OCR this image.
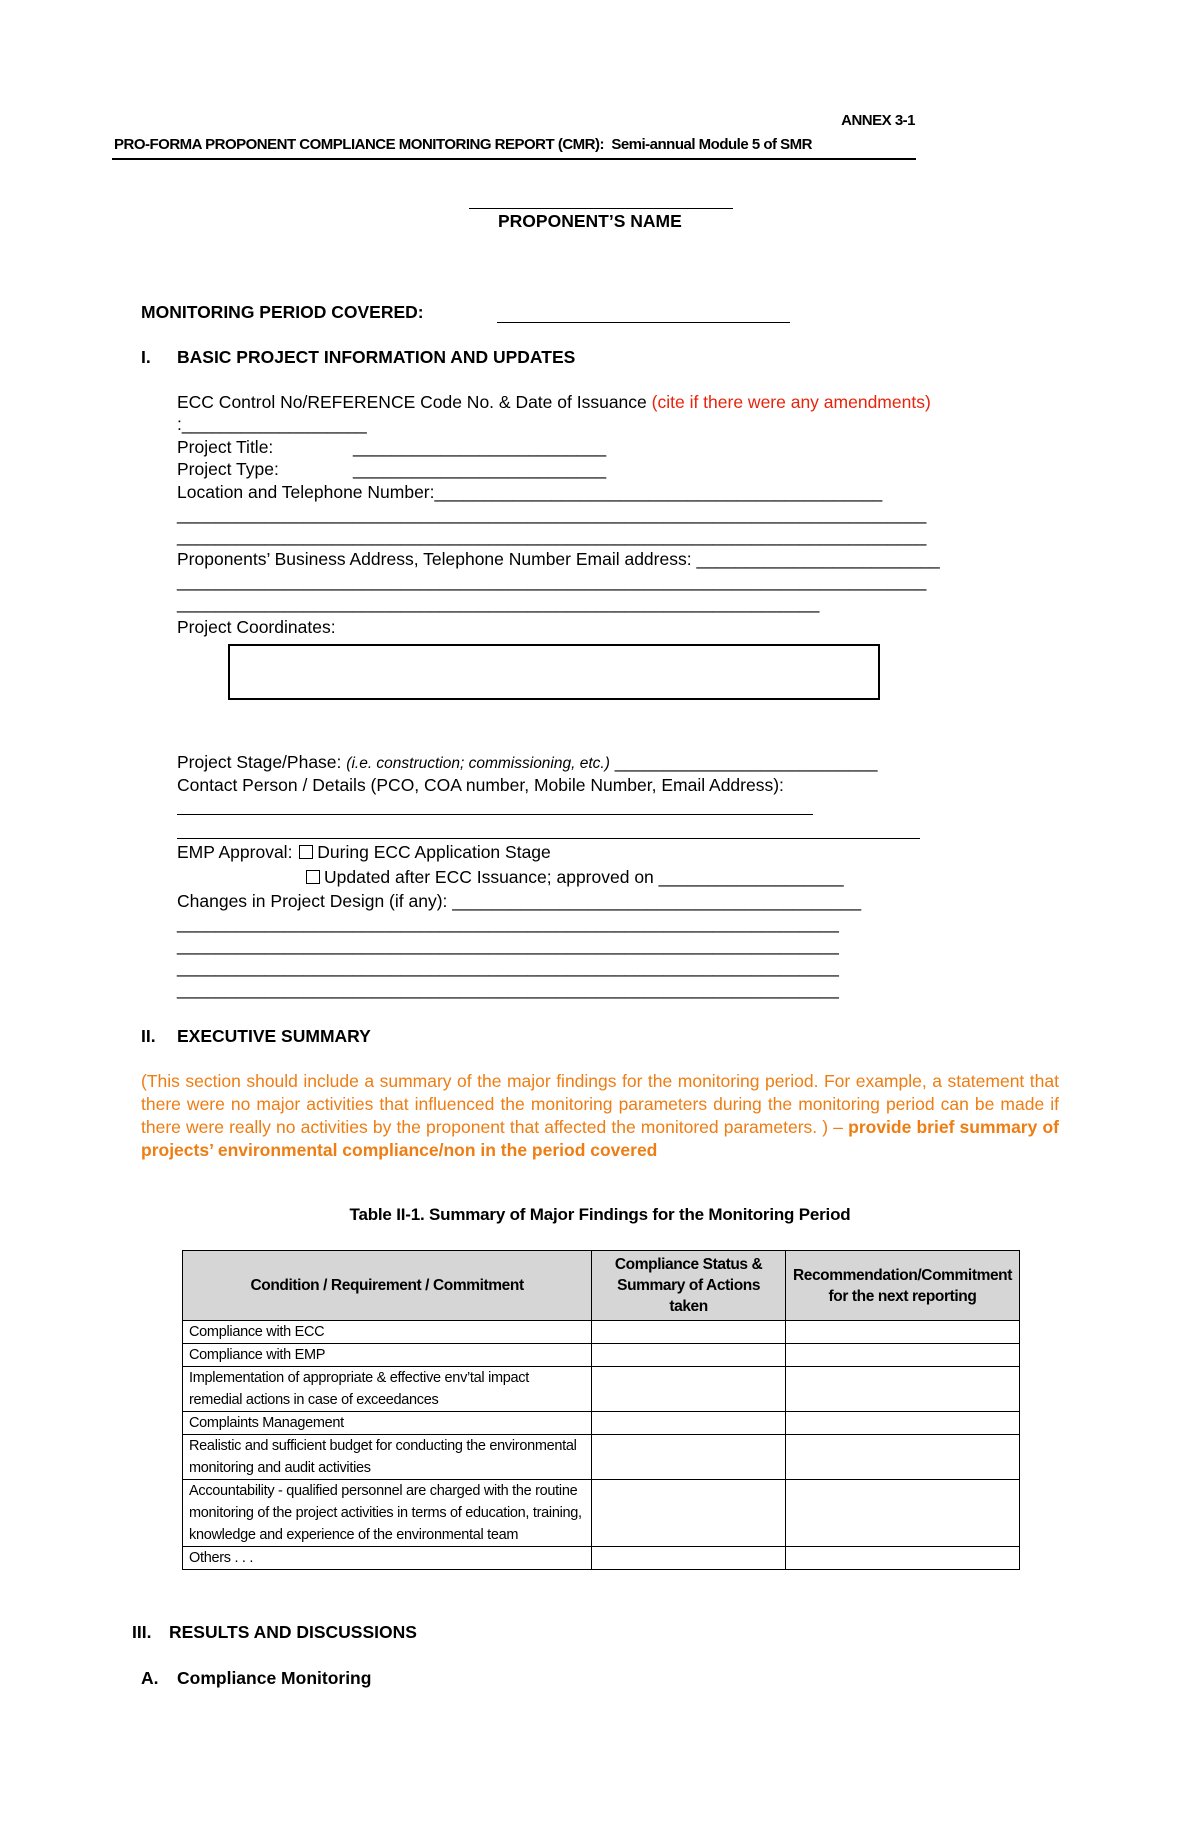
ANNEX 3-1
PRO-FORMA PROPONENT COMPLIANCE MONITORING REPORT (CMR):  Semi-annual Module 5 of SMR
PROPONENT’S NAME
MONITORING PERIOD COVERED:
I. BASIC PROJECT INFORMATION AND UPDATES
ECC Control No/REFERENCE Code No. & Date of Issuance (cite if there were any amendments)
:___________________
Project Title:	__________________________
Project Type:	__________________________
Location and Telephone Number:______________________________________________
_____________________________________________________________________________
_____________________________________________________________________________
Proponents’ Business Address, Telephone Number Email address: _________________________
_____________________________________________________________________________
__________________________________________________________________
Project Coordinates:
Project Stage/Phase: (i.e. construction; commissioning, etc.) ___________________________
Contact Person / Details (PCO, COA number, Mobile Number, Email Address):
EMP Approval: During ECC Application Stage
Updated after ECC Issuance; approved on ___________________
Changes in Project Design (if any): __________________________________________
____________________________________________________________________
____________________________________________________________________
____________________________________________________________________
____________________________________________________________________
II. EXECUTIVE SUMMARY
(This section should include a summary of the major findings for the monitoring period. For example, a statement that there were no major activities that influenced the monitoring parameters during the monitoring period can be made if there were really no activities by the proponent that affected the monitored parameters. ) – provide brief summary of projects’ environmental compliance/non in the period covered
Table II-1. Summary of Major Findings for the Monitoring Period
Condition / Requirement / Commitment	Compliance Status & Summary of Actions taken	Recommendation/Commitment for the next reporting
Compliance with ECC		
Compliance with EMP		
Implementation of appropriate & effective env’tal impact remedial actions in case of exceedances		
Complaints Management		
Realistic and sufficient budget for conducting the environmental monitoring and audit activities		
Accountability - qualified personnel are charged with the routine monitoring of the project activities in terms of education, training, knowledge and experience of the environmental team		
Others . . .		
III. RESULTS AND DISCUSSIONS
A. Compliance Monitoring
